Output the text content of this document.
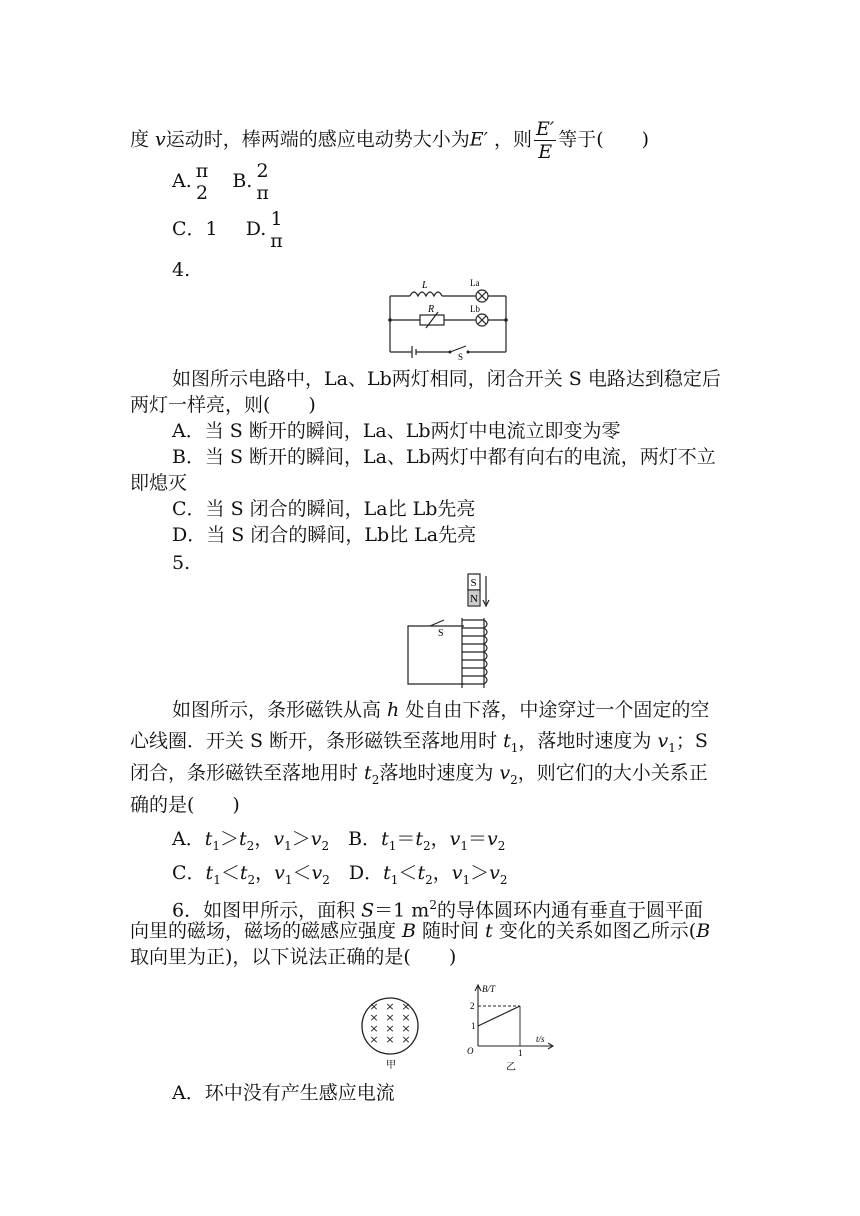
度 v运动时，棒两端的感应电动势大小为E′ ，则 $\frac{E'}{E}$ 等于(　　)
A. π
2
B. 2
π
C．1 D. 1
π
4.
L	La
R	Lb
S
如图所示电路中，La、Lb两灯相同，闭合开关 S 电路达到稳定后
两灯一样亮，则(　　)
A．当 S 断开的瞬间，La、Lb两灯中电流立即变为零
B．当 S 断开的瞬间，La、Lb两灯中都有向右的电流，两灯不立
即熄灭
C．当 S 闭合的瞬间，La比 Lb先亮
D．当 S 闭合的瞬间，Lb比 La先亮
5.
S
N
S
如图所示，条形磁铁从高 h 处自由下落，中途穿过一个固定的空
心线圈．开关 S 断开，条形磁铁至落地用时 $t_1$，落地时速度为 $v_1$；S
闭合，条形磁铁至落地用时 $t_2$落地时速度为 $v_2$，则它们的大小关系正
确的是(　　)
A．$t_1>t_2$，$v_1>v_2$　B．$t_1=t_2$，$v_1=v_2$
C．$t_1<t_2$，$v_1<v_2$　D．$t_1<t_2$，$v_1>v_2$
6．如图甲所示，面积 S＝1 $m^2$的导体圆环内通有垂直于圆平面
向里的磁场，磁场的磁感应强度 B 随时间 t 变化的关系如图乙所示(B
取向里为正)，以下说法正确的是(　　)
× × ×
× × ×
× × ×
× × ×
甲
B/T
t/s
O
乙
1
2
1
A．环中没有产生感应电流
